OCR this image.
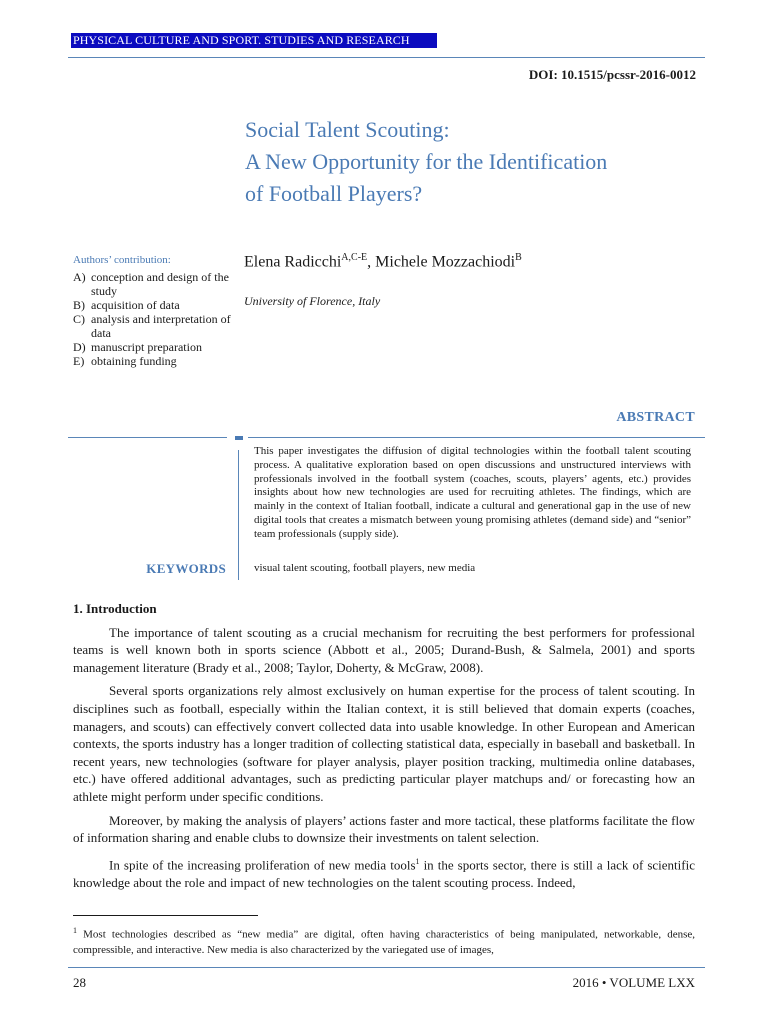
PHYSICAL CULTURE AND SPORT. STUDIES AND RESEARCH
DOI: 10.1515/pcssr-2016-0012
Social Talent Scouting:
A New Opportunity for the Identification
of Football Players?
Authors’ contribution:
A) conception and design of the study
B) acquisition of data
C) analysis and interpretation of data
D) manuscript preparation
E) obtaining funding
Elena Radicchi$^{A,C-E}$, Michele Mozzachiodi$^B$
University of Florence, Italy
ABSTRACT
This paper investigates the diffusion of digital technologies within the football talent scouting process. A qualitative exploration based on open discussions and unstructured interviews with professionals involved in the football system (coaches, scouts, players’ agents, etc.) provides insights about how new technologies are used for recruiting athletes. The findings, which are mainly in the context of Italian football, indicate a cultural and generational gap in the use of new digital tools that creates a mismatch between young promising athletes (demand side) and “senior” team professionals (supply side).
KEYWORDS	visual talent scouting, football players, new media
1. Introduction

The importance of talent scouting as a crucial mechanism for recruiting the best performers for professional teams is well known both in sports science (Abbott et al., 2005; Durand-Bush, & Salmela, 2001) and sports management literature (Brady et al., 2008; Taylor, Doherty, & McGraw, 2008).

Several sports organizations rely almost exclusively on human expertise for the process of talent scouting. In disciplines such as football, especially within the Italian context, it is still believed that domain experts (coaches, managers, and scouts) can effectively convert collected data into usable knowledge. In other European and American contexts, the sports industry has a longer tradition of collecting statistical data, especially in baseball and basketball. In recent years, new technologies (software for player analysis, player position tracking, multimedia online databases, etc.) have offered additional advantages, such as predicting particular player matchups and/ or forecasting how an athlete might perform under specific conditions.

Moreover, by making the analysis of players’ actions faster and more tactical, these platforms facilitate the flow of information sharing and enable clubs to downsize their investments on talent selection.

In spite of the increasing proliferation of new media tools$^1$ in the sports sector, there is still a lack of scientific knowledge about the role and impact of new technologies on the talent scouting process. Indeed,

$^1$ Most technologies described as “new media” are digital, often having characteristics of being manipulated, networkable, dense, compressible, and interactive. New media is also characterized by the variegated use of images,
28	2016 • VOLUME LXX
